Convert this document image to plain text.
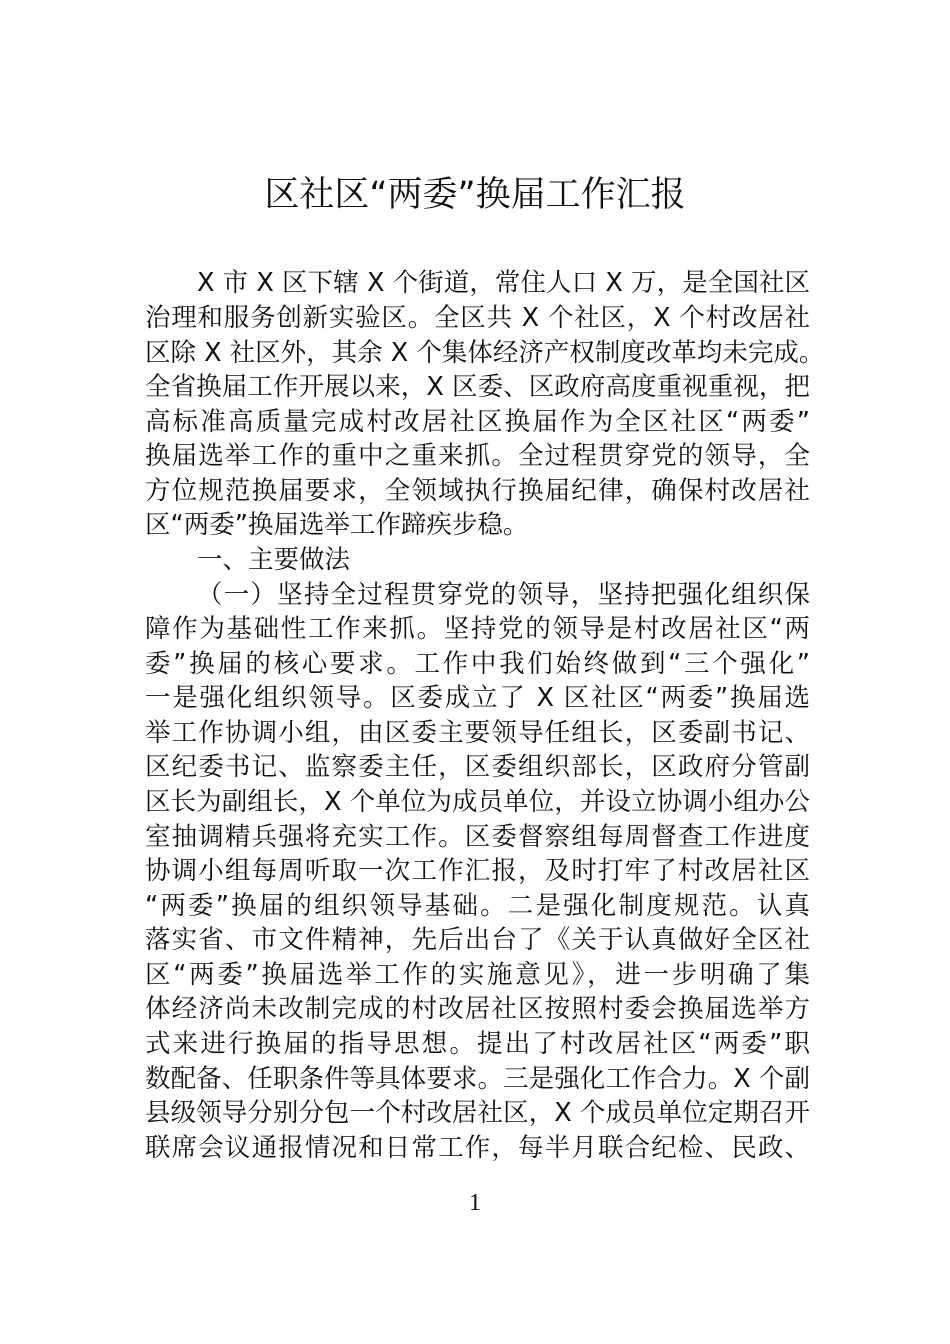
区社区“两委”换届工作汇报
X 市 X 区下辖 X 个街道，常住人口 X 万，是全国社区
治理和服务创新实验区。全区共 X 个社区，X 个村改居社
区除 X 社区外，其余 X 个集体经济产权制度改革均未完成。
全省换届工作开展以来，X 区委、区政府高度重视重视，把
高标准高质量完成村改居社区换届作为全区社区“两委”
换届选举工作的重中之重来抓。全过程贯穿党的领导，全
方位规范换届要求，全领域执行换届纪律，确保村改居社
区“两委”换届选举工作蹄疾步稳。
一、主要做法
（一）坚持全过程贯穿党的领导，坚持把强化组织保
障作为基础性工作来抓。坚持党的领导是村改居社区“两
委”换届的核心要求。工作中我们始终做到“三个强化”
一是强化组织领导。区委成立了 X 区社区“两委”换届选
举工作协调小组，由区委主要领导任组长，区委副书记、
区纪委书记、监察委主任，区委组织部长，区政府分管副
区长为副组长，X 个单位为成员单位，并设立协调小组办公
室抽调精兵强将充实工作。区委督察组每周督查工作进度
协调小组每周听取一次工作汇报，及时打牢了村改居社区
“两委”换届的组织领导基础。二是强化制度规范。认真
落实省、市文件精神，先后出台了《关于认真做好全区社
区“两委”换届选举工作的实施意见》，进一步明确了集
体经济尚未改制完成的村改居社区按照村委会换届选举方
式来进行换届的指导思想。提出了村改居社区“两委”职
数配备、任职条件等具体要求。三是强化工作合力。X 个副
县级领导分别分包一个村改居社区，X 个成员单位定期召开
联席会议通报情况和日常工作，每半月联合纪检、民政、
1
